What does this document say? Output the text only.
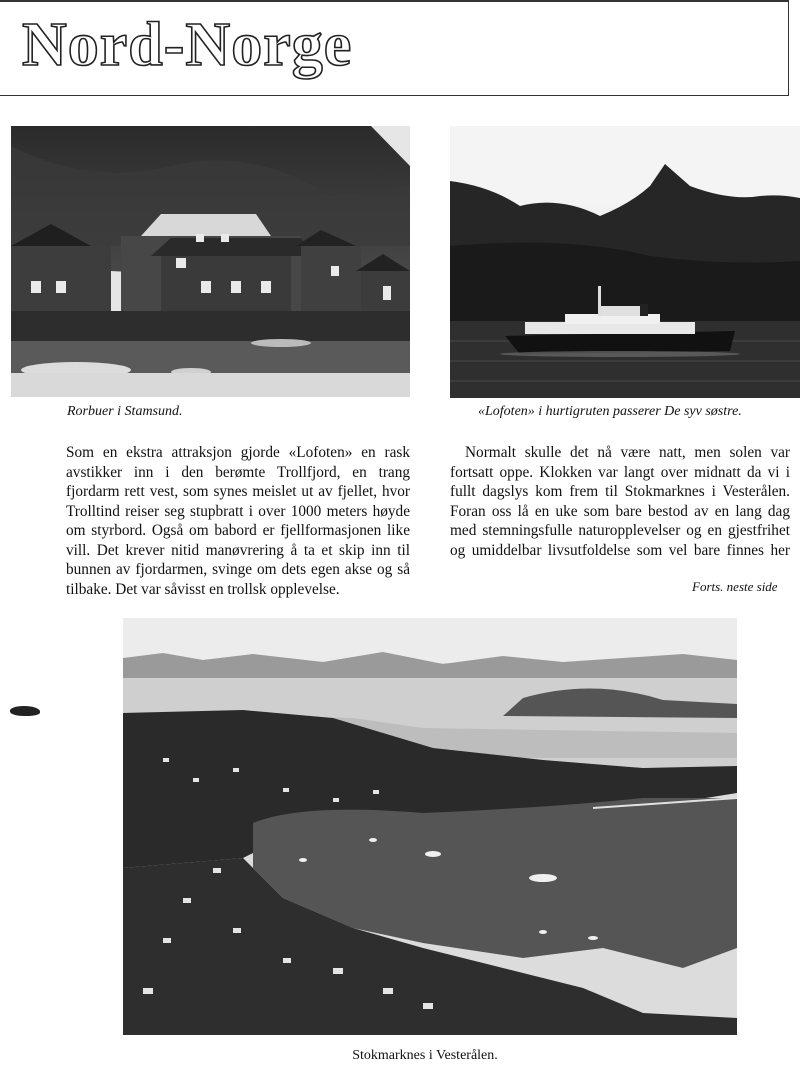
Nord-Norge
Rorbuer i Stamsund.	«Lofoten» i hurtigruten passerer De syv søstre.

Som en ekstra attraksjon gjorde «Lofoten» en rask avstikker inn i den berømte Trollfjord, en trang fjordarm rett vest, som synes meislet ut av fjellet, hvor Trolltind reiser seg stupbratt i over 1000 meters høyde om styrbord. Også om babord er fjellformasjonen like vill. Det krever nitid manøvrering å ta et skip inn til bunnen av fjordarmen, svinge om dets egen akse og så tilbake. Det var såvisst en trollsk opplevelse.

Normalt skulle det nå være natt, men solen var fortsatt oppe. Klokken var langt over midnatt da vi i fullt dagslys kom frem til Stokmarknes i Vesterålen. Foran oss lå en uke som bare bestod av en lang dag med stemningsfulle naturopplevelser og en gjestfrihet og umiddelbar livsutfoldelse som vel bare finnes her

Forts. neste side
Stokmarknes i Vesterålen.
